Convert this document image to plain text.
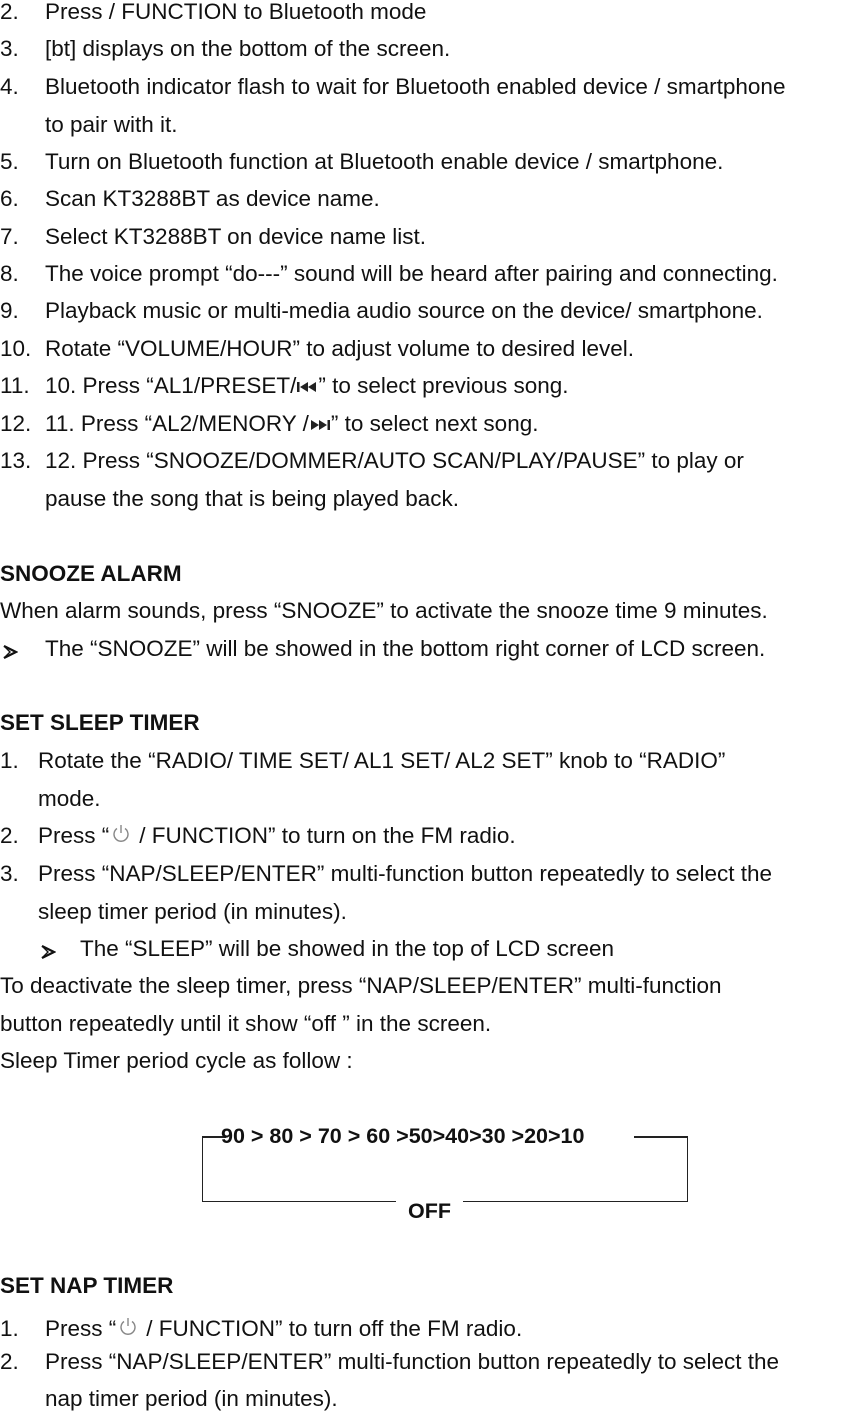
2. Press / FUNCTION to Bluetooth mode
3. [bt] displays on the bottom of the screen.
4. Bluetooth indicator flash to wait for Bluetooth enabled device / smartphone
to pair with it.
5. Turn on Bluetooth function at Bluetooth enable device / smartphone.
6. Scan KT3288BT as device name.
7. Select KT3288BT on device name list.
8. The voice prompt “do---” sound will be heard after pairing and connecting.
9. Playback music or multi-media audio source on the device/ smartphone.
10. Rotate “VOLUME/HOUR” to adjust volume to desired level.
11. 10. Press “AL1/PRESET/ ” to select previous song.
12. 11. Press “AL2/MENORY / ” to select next song.
13. 12. Press “SNOOZE/DOMMER/AUTO SCAN/PLAY/PAUSE” to play or
pause the song that is being played back.
SNOOZE ALARM
When alarm sounds, press “SNOOZE” to activate the snooze time 9 minutes.
The “SNOOZE” will be showed in the bottom right corner of LCD screen.
SET SLEEP TIMER
1. Rotate the “RADIO/ TIME SET/ AL1 SET/ AL2 SET” knob to “RADIO”
mode.
2. Press “ / FUNCTION” to turn on the FM radio.
3. Press “NAP/SLEEP/ENTER” multi-function button repeatedly to select the
sleep timer period (in minutes).
The “SLEEP” will be showed in the top of LCD screen
To deactivate the sleep timer, press “NAP/SLEEP/ENTER” multi-function
button repeatedly until it show “off ” in the screen.
Sleep Timer period cycle as follow :
90 > 80 > 70 > 60 >50>40>30 >20>10
OFF
SET NAP TIMER
1. Press “ / FUNCTION” to turn off the FM radio.
2. Press “NAP/SLEEP/ENTER” multi-function button repeatedly to select the
nap timer period (in minutes).
